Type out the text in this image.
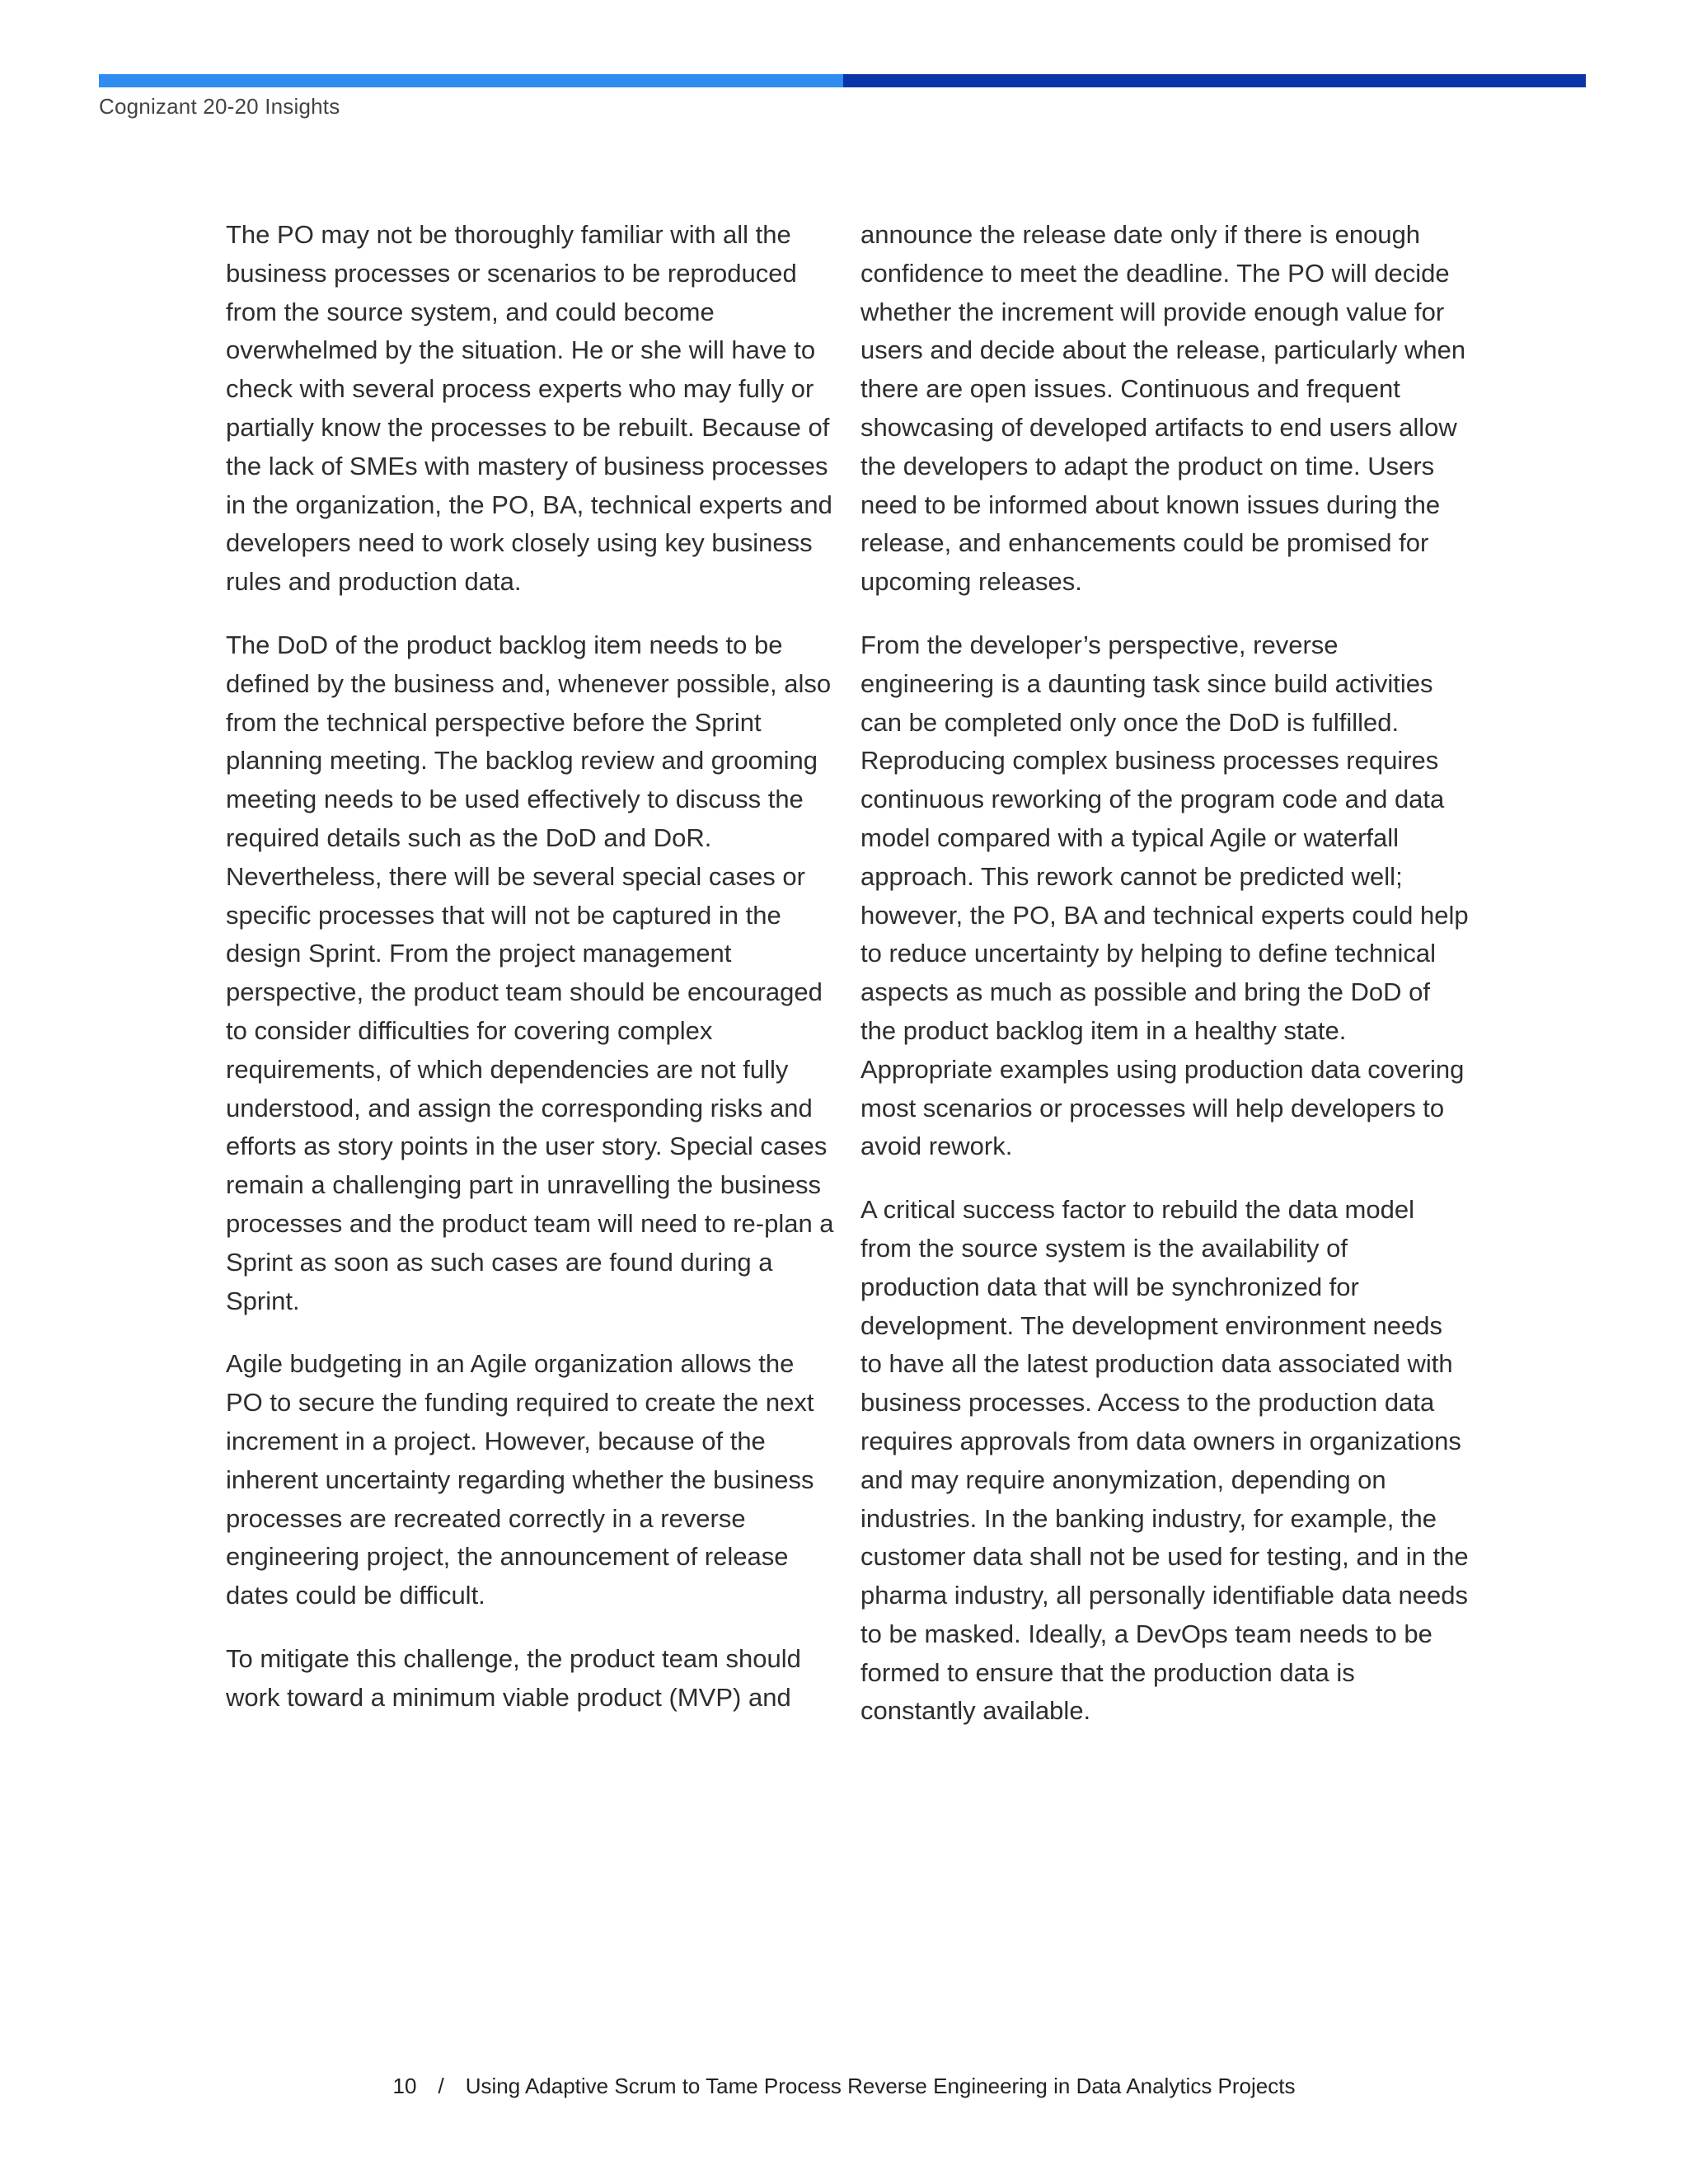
Cognizant 20-20 Insights

The PO may not be thoroughly familiar with all the business processes or scenarios to be reproduced from the source system, and could become overwhelmed by the situation. He or she will have to check with several process experts who may fully or partially know the processes to be rebuilt. Because of the lack of SMEs with mastery of business processes in the organization, the PO, BA, technical experts and developers need to work closely using key business rules and production data.

The DoD of the product backlog item needs to be defined by the business and, whenever possible, also from the technical perspective before the Sprint planning meeting. The backlog review and grooming meeting needs to be used effectively to discuss the required details such as the DoD and DoR. Nevertheless, there will be several special cases or specific processes that will not be captured in the design Sprint. From the project management perspective, the product team should be encouraged to consider difficulties for covering complex requirements, of which dependencies are not fully understood, and assign the corresponding risks and efforts as story points in the user story. Special cases remain a challenging part in unravelling the business processes and the product team will need to re-plan a Sprint as soon as such cases are found during a Sprint.

Agile budgeting in an Agile organization allows the PO to secure the funding required to create the next increment in a project. However, because of the inherent uncertainty regarding whether the business processes are recreated correctly in a reverse engineering project, the announcement of release dates could be difficult.

To mitigate this challenge, the product team should work toward a minimum viable product (MVP) and

announce the release date only if there is enough confidence to meet the deadline. The PO will decide whether the increment will provide enough value for users and decide about the release, particularly when there are open issues. Continuous and frequent showcasing of developed artifacts to end users allow the developers to adapt the product on time. Users need to be informed about known issues during the release, and enhancements could be promised for upcoming releases.

From the developer’s perspective, reverse engineering is a daunting task since build activities can be completed only once the DoD is fulfilled. Reproducing complex business processes requires continuous reworking of the program code and data model compared with a typical Agile or waterfall approach. This rework cannot be predicted well; however, the PO, BA and technical experts could help to reduce uncertainty by helping to define technical aspects as much as possible and bring the DoD of the product backlog item in a healthy state. Appropriate examples using production data covering most scenarios or processes will help developers to avoid rework.

A critical success factor to rebuild the data model from the source system is the availability of production data that will be synchronized for development. The development environment needs to have all the latest production data associated with business processes. Access to the production data requires approvals from data owners in organizations and may require anonymization, depending on industries. In the banking industry, for example, the customer data shall not be used for testing, and in the pharma industry, all personally identifiable data needs to be masked. Ideally, a DevOps team needs to be formed to ensure that the production data is constantly available.

10 / Using Adaptive Scrum to Tame Process Reverse Engineering in Data Analytics Projects
